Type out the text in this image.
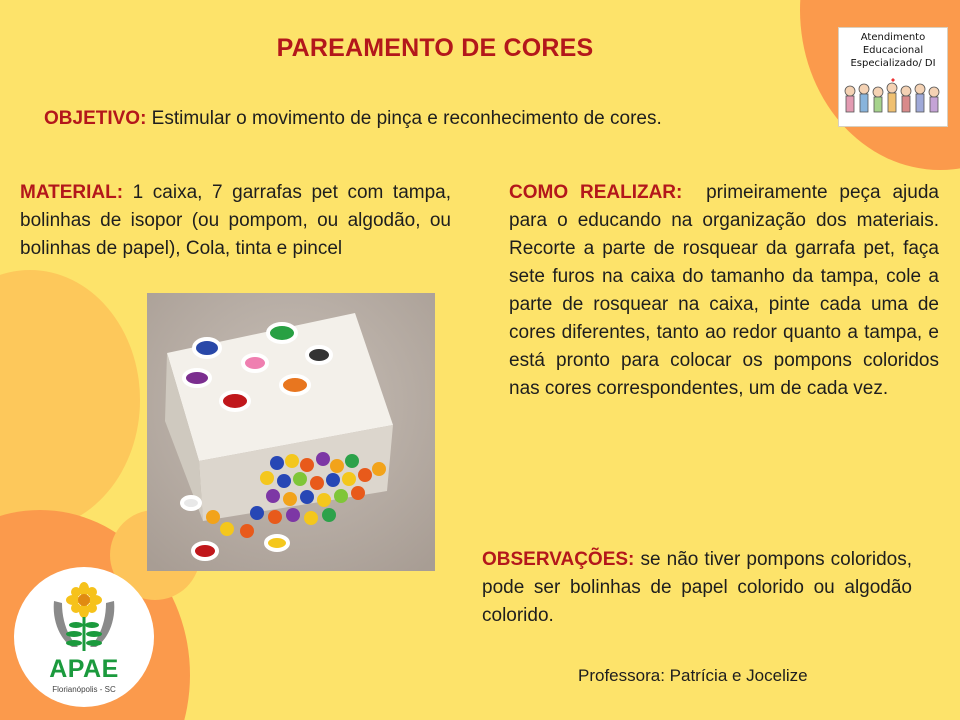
PAREAMENTO DE CORES
OBJETIVO: Estimular o movimento de pinça e reconhecimento de cores.
MATERIAL: 1 caixa, 7 garrafas pet com tampa, bolinhas de isopor (ou pompom, ou algodão, ou bolinhas de papel), Cola, tinta e pincel
COMO REALIZAR:  primeiramente peça ajuda para o educando na organização dos materiais. Recorte a parte de rosquear da garrafa pet, faça sete furos na caixa do tamanho da tampa, cole a parte de rosquear na caixa, pinte cada uma de cores diferentes, tanto ao redor quanto a tampa, e está pronto para colocar os pompons coloridos nas cores correspondentes, um de cada vez.
OBSERVAÇÕES: se não tiver pompons coloridos, pode ser bolinhas de papel colorido ou algodão colorido.
Professora: Patrícia e Jocelize
Atendimento
Educacional
Especializado/ DI
APAE
Florianópolis - SC
